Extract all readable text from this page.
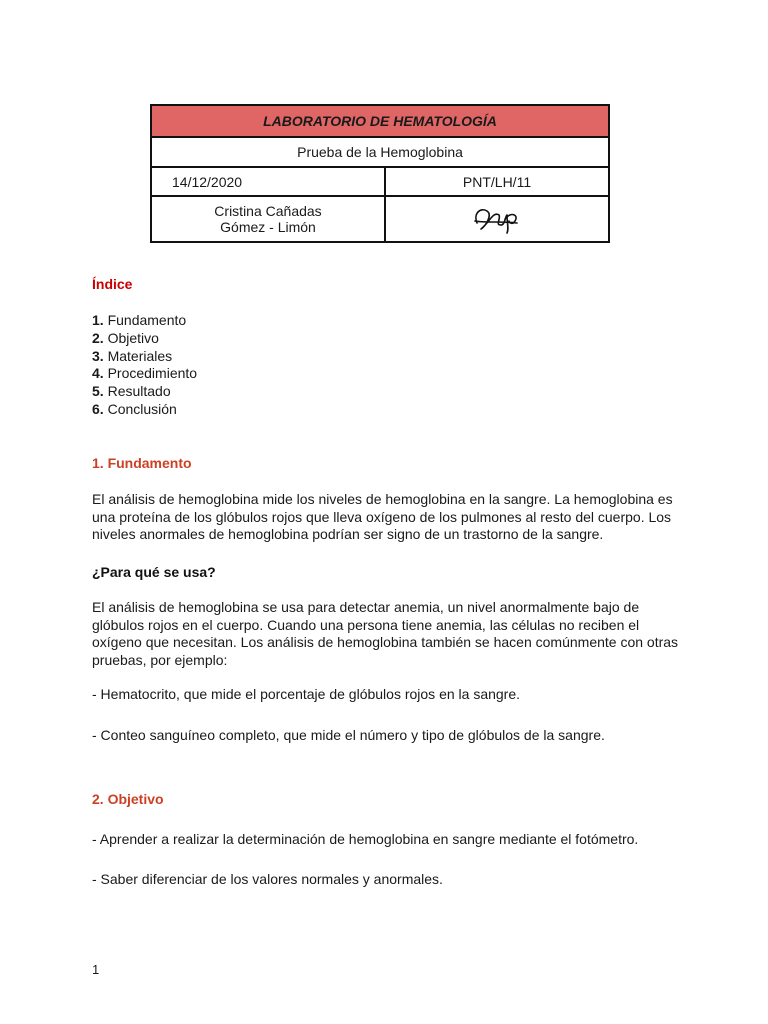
LABORATORIO DE HEMATOLOGÍA	
Prueba de la Hemoglobina	

14/12/2020	PNT/LH/11

Cristina Cañadas
Gómez - Limón

Índice
1. Fundamento
2. Objetivo
3. Materiales
4. Procedimiento
5. Resultado
6. Conclusión
1. Fundamento

El análisis de hemoglobina mide los niveles de hemoglobina en la sangre. La hemoglobina es una proteína de los glóbulos rojos que lleva oxígeno de los pulmones al resto del cuerpo. Los niveles anormales de hemoglobina podrían ser signo de un trastorno de la sangre.

¿Para qué se usa?

El análisis de hemoglobina se usa para detectar anemia, un nivel anormalmente bajo de glóbulos rojos en el cuerpo. Cuando una persona tiene anemia, las células no reciben el oxígeno que necesitan. Los análisis de hemoglobina también se hacen comúnmente con otras pruebas, por ejemplo:

- Hematocrito, que mide el porcentaje de glóbulos rojos en la sangre.

- Conteo sanguíneo completo, que mide el número y tipo de glóbulos de la sangre.

2. Objetivo

- Aprender a realizar la determinación de hemoglobina en sangre mediante el fotómetro.

- Saber diferenciar de los valores normales y anormales.

1
